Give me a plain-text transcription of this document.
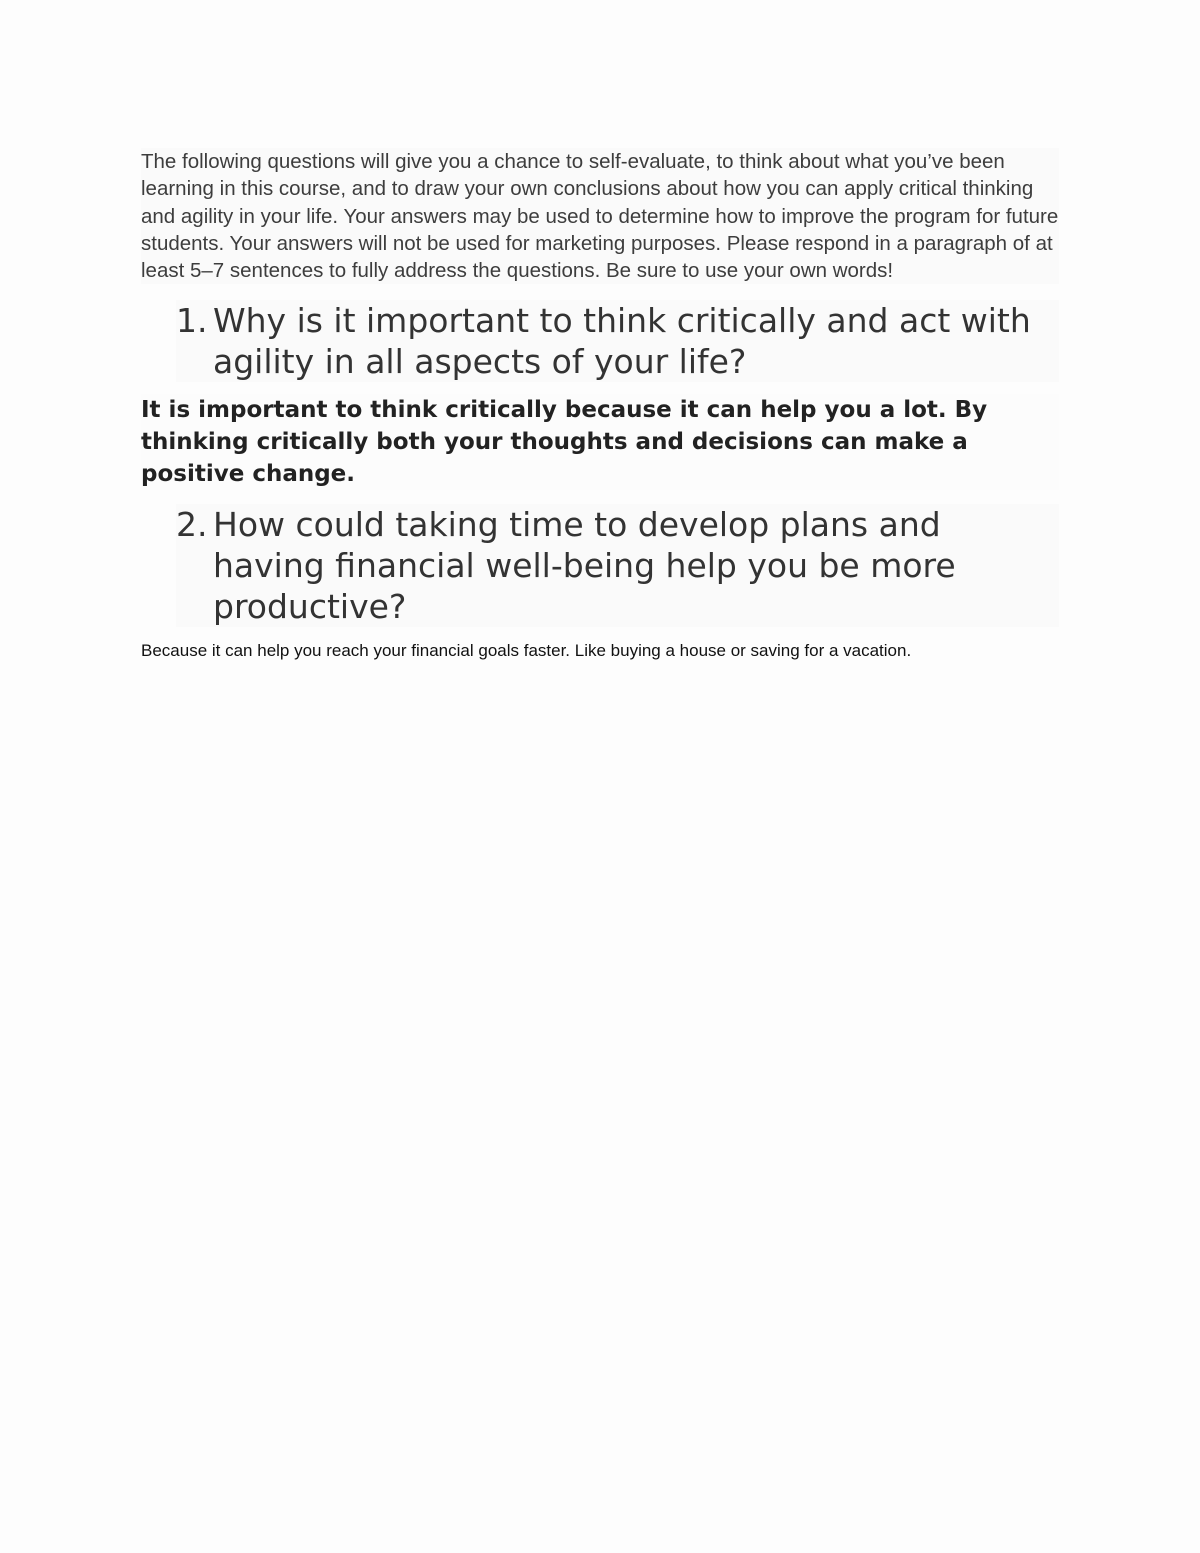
The following questions will give you a chance to self-evaluate, to think about what you’ve been learning in this course, and to draw your own conclusions about how you can apply critical thinking and agility in your life. Your answers may be used to determine how to improve the program for future students. Your answers will not be used for marketing purposes. Please respond in a paragraph of at least 5–7 sentences to fully address the questions. Be sure to use your own words!

1. Why is it important to think critically and act with agility in all aspects of your life?

It is important to think critically because it can help you a lot. By thinking critically both your thoughts and decisions can make a positive change.

2. How could taking time to develop plans and having financial well-being help you be more productive?

Because it can help you reach your financial goals faster. Like buying a house or saving for a vacation.
